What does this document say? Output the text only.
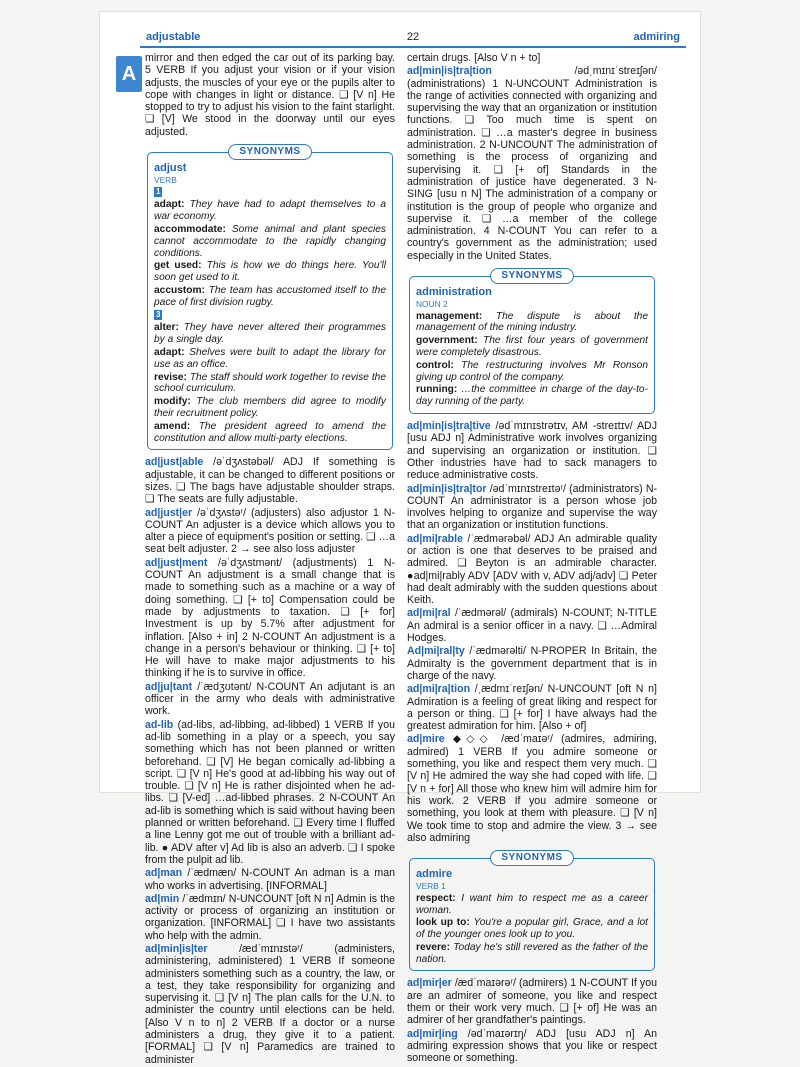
adjustable	22	admiring
A

mirror and then edged the car out of its parking bay. 5 VERB If you adjust your vision or if your vision adjusts, the muscles of your eye or the pupils alter to cope with changes in light or distance. ❑ [V n] He stopped to try to adjust his vision to the faint starlight. ❑ [V] We stood in the doorway until our eyes adjusted.

SYNONYMS
adjust
VERB

1

adapt: They have had to adapt themselves to a war economy.

accommodate: Some animal and plant species cannot accommodate to the rapidly changing conditions.

get used: This is how we do things here. You'll soon get used to it.

accustom: The team has accustomed itself to the pace of first division rugby.

3

alter: They have never altered their programmes by a single day.

adapt: Shelves were built to adapt the library for use as an office.

revise: The staff should work together to revise the school curriculum.

modify: The club members did agree to modify their recruitment policy.

amend: The president agreed to amend the constitution and allow multi-party elections.

ad|just|able /əˈdʒʌstəbəl/ ADJ If something is adjustable, it can be changed to different positions or sizes. ❑ The bags have adjustable shoulder straps. ❑ The seats are fully adjustable.

ad|just|er /əˈdʒʌstəʳ/ (adjusters) also adjustor 1 N-COUNT An adjuster is a device which allows you to alter a piece of equipment's position or setting. ❑ …a seat belt adjuster. 2 → see also loss adjuster

ad|just|ment /əˈdʒʌstmənt/ (adjustments) 1 N-COUNT An adjustment is a small change that is made to something such as a machine or a way of doing something. ❑ [+ to] Compensation could be made by adjustments to taxation. ❑ [+ for] Investment is up by 5.7% after adjustment for inflation. [Also + in] 2 N-COUNT An adjustment is a change in a person's behaviour or thinking. ❑ [+ to] He will have to make major adjustments to his thinking if he is to survive in office.

ad|ju|tant /ˈædʒʊtənt/ N-COUNT An adjutant is an officer in the army who deals with administrative work.

ad-lib (ad-libs, ad-libbing, ad-libbed) 1 VERB If you ad-lib something in a play or a speech, you say something which has not been planned or written beforehand. ❑ [V] He began comically ad-libbing a script. ❑ [V n] He's good at ad-libbing his way out of trouble. ❑ [V n] He is rather disjointed when he ad-libs. ❑ [V-ed] …ad-libbed phrases. 2 N-COUNT An ad-lib is something which is said without having been planned or written beforehand. ❑ Every time I fluffed a line Lenny got me out of trouble with a brilliant ad-lib. ● ADV after v] Ad lib is also an adverb. ❑ I spoke from the pulpit ad lib.

ad|man /ˈædmæn/ N-COUNT An adman is a man who works in advertising. [INFORMAL]

ad|min /ˈædmɪn/ N-UNCOUNT [oft N n] Admin is the activity or process of organizing an institution or organization. [INFORMAL] ❑ I have two assistants who help with the admin.

ad|min|is|ter /ædˈmɪnɪstəʳ/ (administers, administering, administered) 1 VERB If someone administers something such as a country, the law, or a test, they take responsibility for organizing and supervising it. ❑ [V n] The plan calls for the U.N. to administer the country until elections can be held. [Also V n to n] 2 VERB If a doctor or a nurse administers a drug, they give it to a patient. [FORMAL] ❑ [V n] Paramedics are trained to administer

certain drugs. [Also V n + to]

ad|min|is|tra|tion /ədˌmɪnɪˈstreɪʃən/ (administrations) 1 N-UNCOUNT Administration is the range of activities connected with organizing and supervising the way that an organization or institution functions. ❑ Too much time is spent on administration. ❑ …a master's degree in business administration. 2 N-UNCOUNT The administration of something is the process of organizing and supervising it. ❑ [+ of] Standards in the administration of justice have degenerated. 3 N-SING [usu n N] The administration of a company or institution is the group of people who organize and supervise it. ❑ …a member of the college administration. 4 N-COUNT You can refer to a country's government as the administration; used especially in the United States.

SYNONYMS
administration
NOUN 2

management: The dispute is about the management of the mining industry.

government: The first four years of government were completely disastrous.

control: The restructuring involves Mr Ronson giving up control of the company.

running: …the committee in charge of the day-to-day running of the party.

ad|min|is|tra|tive /ədˈmɪnɪstrətɪv, AM -streɪtɪv/ ADJ [usu ADJ n] Administrative work involves organizing and supervising an organization or institution. ❑ Other industries have had to sack managers to reduce administrative costs.

ad|min|is|tra|tor /ədˈmɪnɪstreɪtəʳ/ (administrators) N-COUNT An administrator is a person whose job involves helping to organize and supervise the way that an organization or institution functions.

ad|mi|rable /ˈædmərəbəl/ ADJ An admirable quality or action is one that deserves to be praised and admired. ❑ Beyton is an admirable character. ●ad|mi|rably ADV [ADV with v, ADV adj/adv] ❑ Peter had dealt admirably with the sudden questions about Keith.

ad|mi|ral /ˈædmərəl/ (admirals) N-COUNT; N-TITLE An admiral is a senior officer in a navy. ❑ …Admiral Hodges.

Ad|mi|ral|ty /ˈædmərəlti/ N-PROPER In Britain, the Admiralty is the government department that is in charge of the navy.

ad|mi|ra|tion /ˌædmɪˈreɪʃən/ N-UNCOUNT [oft N n] Admiration is a feeling of great liking and respect for a person or thing. ❑ [+ for] I have always had the greatest admiration for him. [Also + of]

ad|mire ◆◇◇ /ædˈmaɪəʳ/ (admires, admiring, admired) 1 VERB If you admire someone or something, you like and respect them very much. ❑ [V n] He admired the way she had coped with life. ❑ [V n + for] All those who knew him will admire him for his work. 2 VERB If you admire someone or something, you look at them with pleasure. ❑ [V n] We took time to stop and admire the view. 3 → see also admiring

SYNONYMS
admire
VERB 1

respect: I want him to respect me as a career woman.

look up to: You're a popular girl, Grace, and a lot of the younger ones look up to you.

revere: Today he's still revered as the father of the nation.

ad|mir|er /ædˈmaɪərəʳ/ (admirers) 1 N-COUNT If you are an admirer of someone, you like and respect them or their work very much. ❑ [+ of] He was an admirer of her grandfather's paintings.

ad|mir|ing /ədˈmaɪərɪŋ/ ADJ [usu ADJ n] An admiring expression shows that you like or respect someone or something.
